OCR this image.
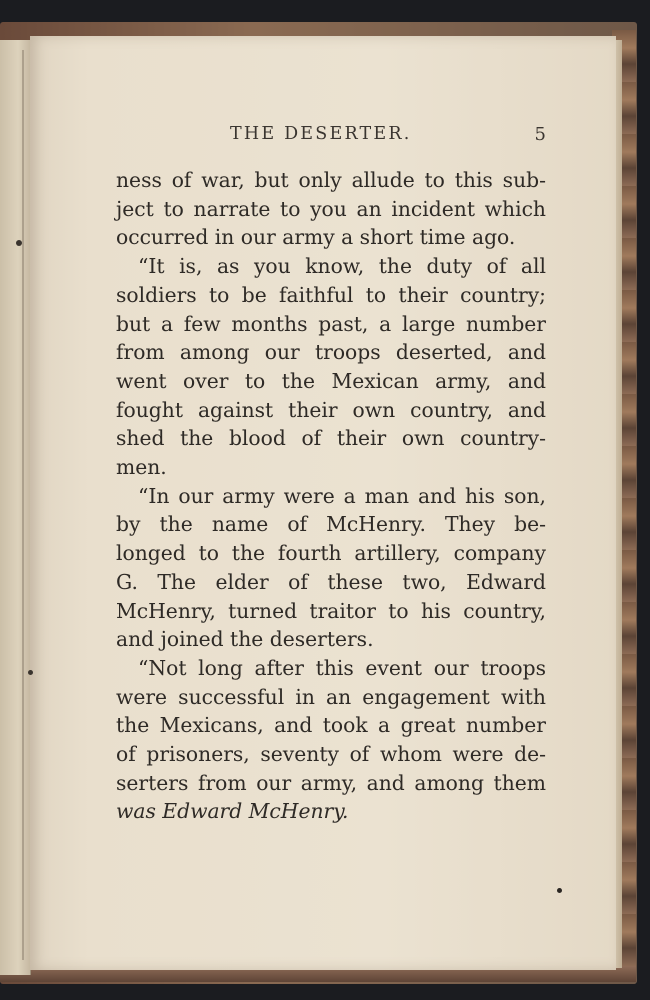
THE DESERTER.	5
ness of war, but only allude to this sub-
ject to narrate to you an incident which
occurred in our army a short time ago.
“It is, as you know, the duty of all
soldiers to be faithful to their country;
but a few months past, a large number
from among our troops deserted, and
went over to the Mexican army, and
fought against their own country, and
shed the blood of their own country-
men.
“In our army were a man and his son,
by the name of McHenry. They be-
longed to the fourth artillery, company
G. The elder of these two, Edward
McHenry, turned traitor to his country,
and joined the deserters.
“Not long after this event our troops
were successful in an engagement with
the Mexicans, and took a great number
of prisoners, seventy of whom were de-
serters from our army, and among them
was Edward McHenry.
